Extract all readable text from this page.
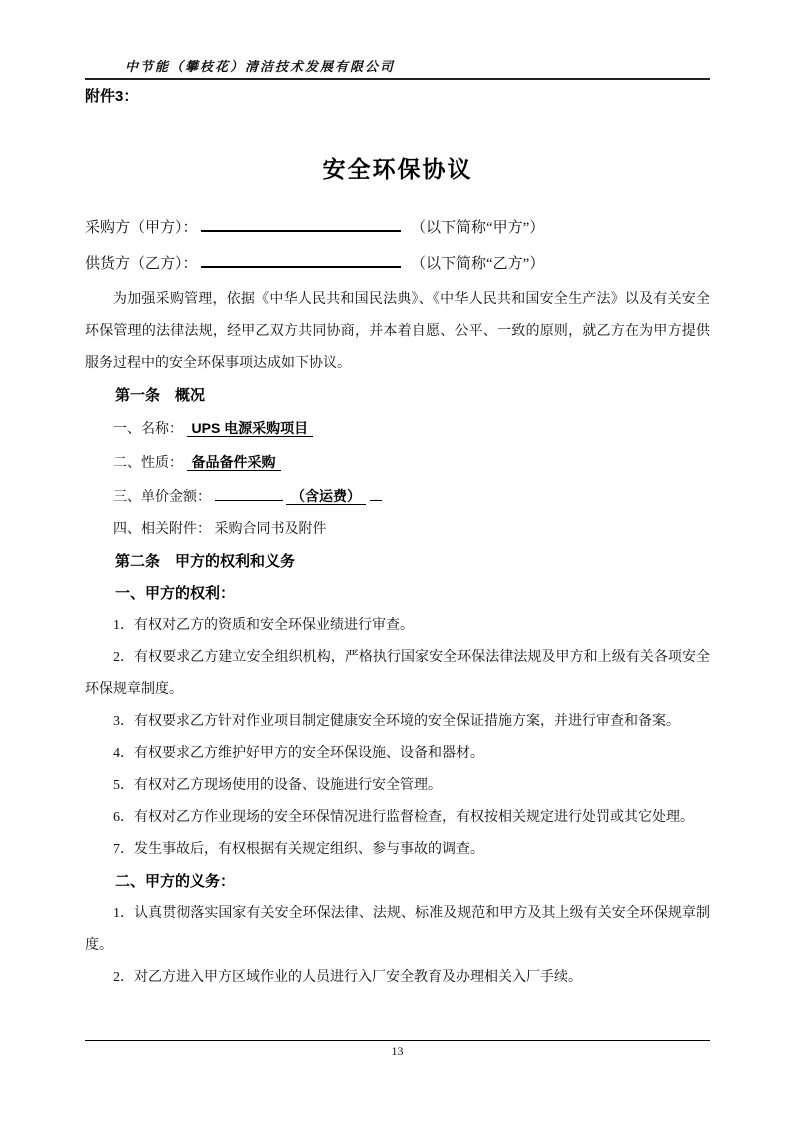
中节能（攀枝花）清洁技术发展有限公司
附件3：
安全环保协议
采购方（甲方）：	（以下简称“甲方”）
供货方（乙方）：	（以下简称“乙方”）

为加强采购管理，依据《中华人民共和国民法典》、《中华人民共和国安全生产法》以及有关安全环保管理的法律法规，经甲乙双方共同协商，并本着自愿、公平、一致的原则，就乙方在为甲方提供服务过程中的安全环保事项达成如下协议。

第一条　概况
一、名称： UPS 电源采购项目
二、性质： 备品备件采购
三、单价金额：	（含运费）
四、相关附件： 采购合同书及附件
第二条　甲方的权利和义务
一、甲方的权利：

1．有权对乙方的资质和安全环保业绩进行审查。

2．有权要求乙方建立安全组织机构，严格执行国家安全环保法律法规及甲方和上级有关各项安全环保规章制度。

3．有权要求乙方针对作业项目制定健康安全环境的安全保证措施方案，并进行审查和备案。

4．有权要求乙方维护好甲方的安全环保设施、设备和器材。

5．有权对乙方现场使用的设备、设施进行安全管理。

6．有权对乙方作业现场的安全环保情况进行监督检查，有权按相关规定进行处罚或其它处理。

7．发生事故后，有权根据有关规定组织、参与事故的调查。

二、甲方的义务：

1．认真贯彻落实国家有关安全环保法律、法规、标准及规范和甲方及其上级有关安全环保规章制度。

2．对乙方进入甲方区域作业的人员进行入厂安全教育及办理相关入厂手续。

13
